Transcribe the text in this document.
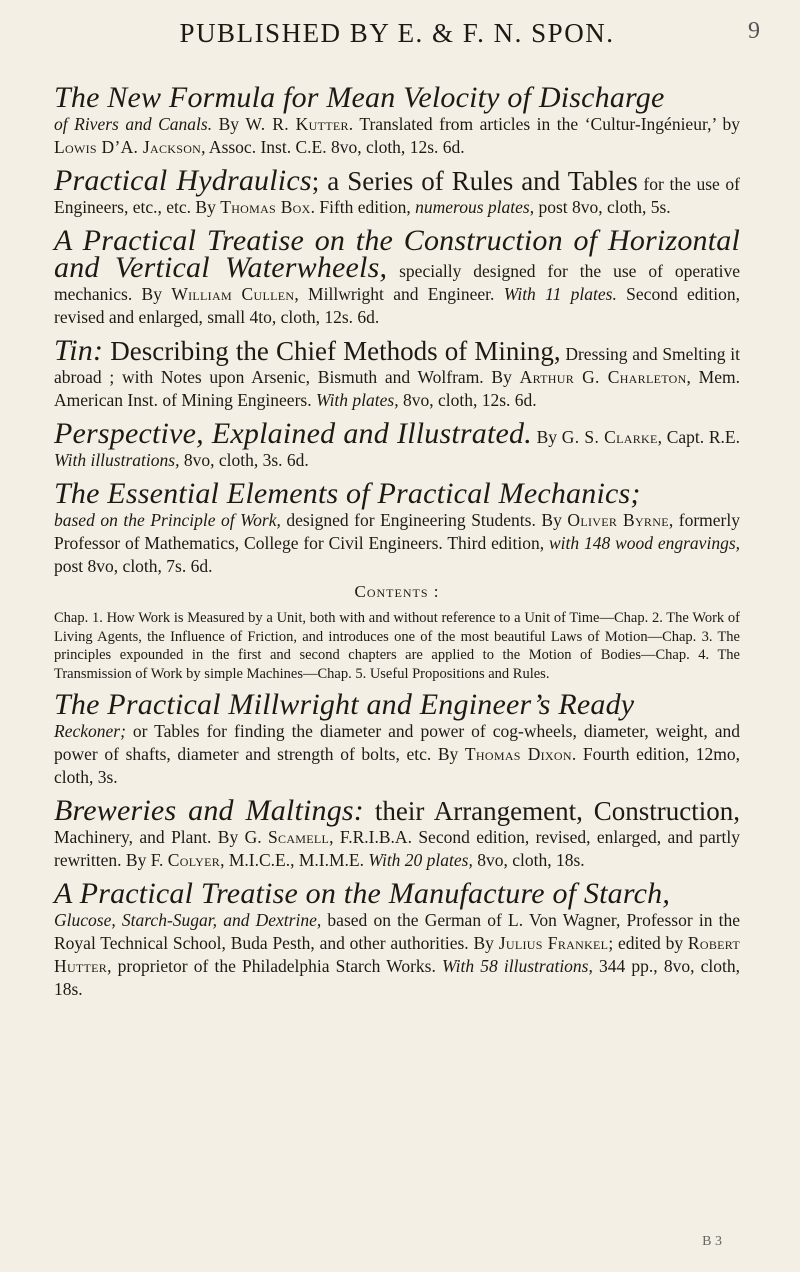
PUBLISHED BY E. & F. N. SPON.	9
The New Formula for Mean Velocity of Discharge
of Rivers and Canals. By W. R. Kutter. Translated from articles in the ‘Cultur-Ingénieur,’ by Lowis D’A. Jackson, Assoc. Inst. C.E. 8vo, cloth, 12s. 6d.
Practical Hydraulics; a Series of Rules and Tables for the use of Engineers, etc., etc. By Thomas Box. Fifth edition, numerous plates, post 8vo, cloth, 5s.
A Practical Treatise on the Construction of Horizontal and Vertical Waterwheels, specially designed for the use of operative mechanics. By William Cullen, Millwright and Engineer. With 11 plates. Second edition, revised and enlarged, small 4to, cloth, 12s. 6d.
Tin: Describing the Chief Methods of Mining, Dressing and Smelting it abroad ; with Notes upon Arsenic, Bismuth and Wolfram. By Arthur G. Charleton, Mem. American Inst. of Mining Engineers. With plates, 8vo, cloth, 12s. 6d.
Perspective, Explained and Illustrated. By G. S. Clarke, Capt. R.E. With illustrations, 8vo, cloth, 3s. 6d.
The Essential Elements of Practical Mechanics;
based on the Principle of Work, designed for Engineering Students. By Oliver Byrne, formerly Professor of Mathematics, College for Civil Engineers. Third edition, with 148 wood engravings, post 8vo, cloth, 7s. 6d.
Contents :
Chap. 1. How Work is Measured by a Unit, both with and without reference to a Unit of Time—Chap. 2. The Work of Living Agents, the Influence of Friction, and introduces one of the most beautiful Laws of Motion—Chap. 3. The principles expounded in the first and second chapters are applied to the Motion of Bodies—Chap. 4. The Transmission of Work by simple Machines—Chap. 5. Useful Propositions and Rules.
The Practical Millwright and Engineer’s Ready
Reckoner; or Tables for finding the diameter and power of cog-wheels, diameter, weight, and power of shafts, diameter and strength of bolts, etc. By Thomas Dixon. Fourth edition, 12mo, cloth, 3s.
Breweries and Maltings: their Arrangement, Construction, Machinery, and Plant. By G. Scamell, F.R.I.B.A. Second edition, revised, enlarged, and partly rewritten. By F. Colyer, M.I.C.E., M.I.M.E. With 20 plates, 8vo, cloth, 18s.
A Practical Treatise on the Manufacture of Starch,
Glucose, Starch-Sugar, and Dextrine, based on the German of L. Von Wagner, Professor in the Royal Technical School, Buda Pesth, and other authorities. By Julius Frankel; edited by Robert Hutter, proprietor of the Philadelphia Starch Works. With 58 illustrations, 344 pp., 8vo, cloth, 18s.
B 3
